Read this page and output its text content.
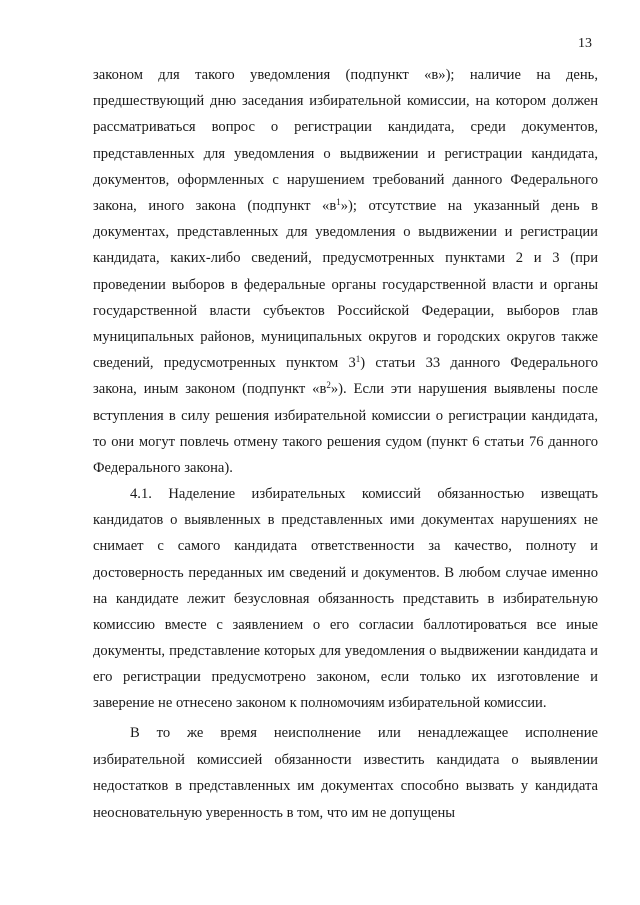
13

законом для такого уведомления (подпункт «в»); наличие на день, предшествующий дню заседания избирательной комиссии, на котором должен рассматриваться вопрос о регистрации кандидата, среди документов, представленных для уведомления о выдвижении и регистрации кандидата, документов, оформленных с нарушением требований данного Федерального закона, иного закона (подпункт «$в^1$»); отсутствие на указанный день в документах, представленных для уведомления о выдвижении и регистрации кандидата, каких-либо сведений, предусмотренных пунктами 2 и 3 (при проведении выборов в федеральные органы государственной власти и органы государственной власти субъектов Российской Федерации, выборов глав муниципальных районов, муниципальных округов и городских округов также сведений, предусмотренных пунктом $3^1$) статьи 33 данного Федерального закона, иным законом (подпункт «$в^2$»). Если эти нарушения выявлены после вступления в силу решения избирательной комиссии о регистрации кандидата, то они могут повлечь отмену такого решения судом (пункт 6 статьи 76 данного Федерального закона).

4.1. Наделение избирательных комиссий обязанностью извещать кандидатов о выявленных в представленных ими документах нарушениях не снимает с самого кандидата ответственности за качество, полноту и достоверность переданных им сведений и документов. В любом случае именно на кандидате лежит безусловная обязанность представить в избирательную комиссию вместе с заявлением о его согласии баллотироваться все иные документы, представление которых для уведомления о выдвижении кандидата и его регистрации предусмотрено законом, если только их изготовление и заверение не отнесено законом к полномочиям избирательной комиссии.

В то же время неисполнение или ненадлежащее исполнение избирательной комиссией обязанности известить кандидата о выявлении недостатков в представленных им документах способно вызвать у кандидата неосновательную уверенность в том, что им не допущены
